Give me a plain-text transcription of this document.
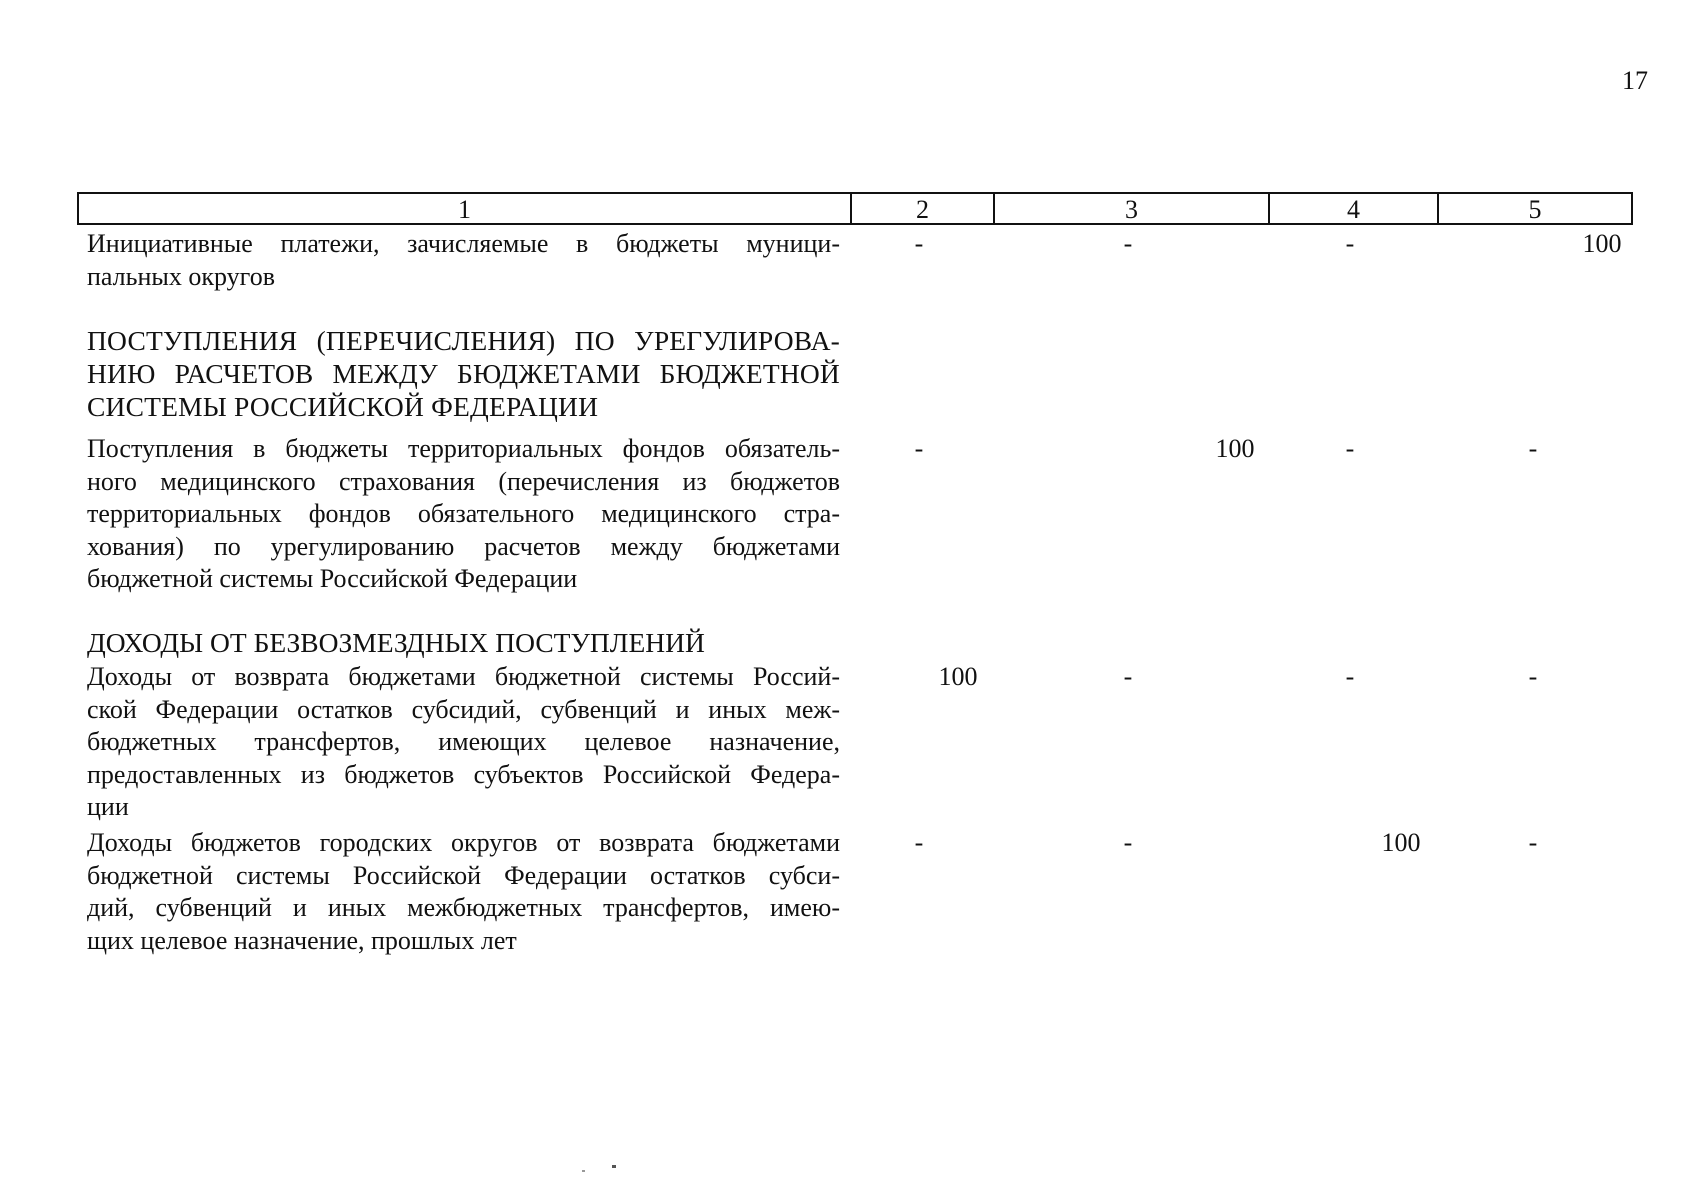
17
1	2	3	4	5
Инициативные платежи, зачисляемые в бюджеты муници-
пальных округов
-	-	-	100
ПОСТУПЛЕНИЯ (ПЕРЕЧИСЛЕНИЯ) ПО УРЕГУЛИРОВА-
НИЮ РАСЧЕТОВ МЕЖДУ БЮДЖЕТАМИ БЮДЖЕТНОЙ
СИСТЕМЫ РОССИЙСКОЙ ФЕДЕРАЦИИ
Поступления в бюджеты территориальных фондов обязатель-
ного медицинского страхования (перечисления из бюджетов
территориальных фондов обязательного медицинского стра-
хования) по урегулированию расчетов между бюджетами
бюджетной системы Российской Федерации
-	100	-	-
ДОХОДЫ ОТ БЕЗВОЗМЕЗДНЫХ ПОСТУПЛЕНИЙ
Доходы от возврата бюджетами бюджетной системы Россий-
ской Федерации остатков субсидий, субвенций и иных меж-
бюджетных трансфертов, имеющих целевое назначение,
предоставленных из бюджетов субъектов Российской Федера-
ции
100	-	-	-
Доходы бюджетов городских округов от возврата бюджетами
бюджетной системы Российской Федерации остатков субси-
дий, субвенций и иных межбюджетных трансфертов, имею-
щих целевое назначение, прошлых лет
-	-	100	-
